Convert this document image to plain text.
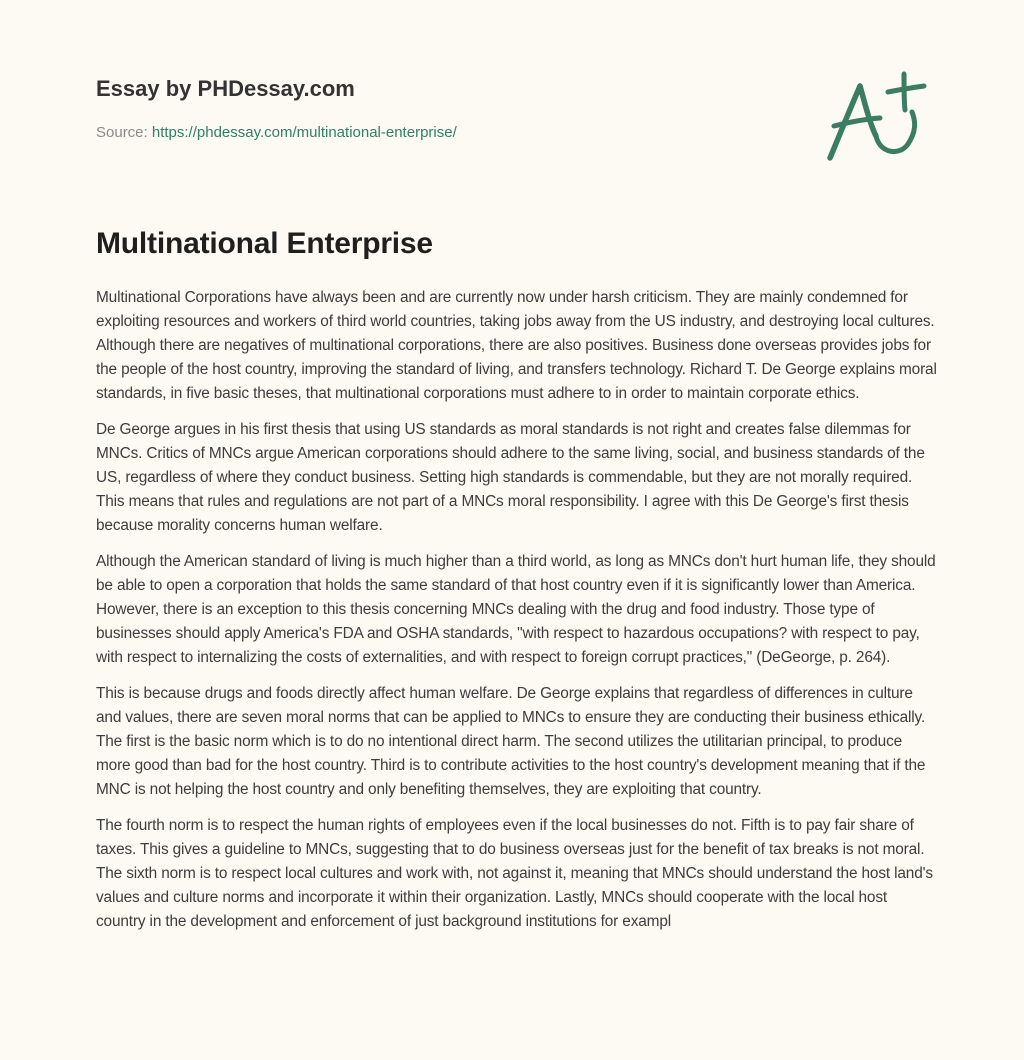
Essay by PHDessay.com
Source: https://phdessay.com/multinational-enterprise/
Multinational Enterprise

Multinational Corporations have always been and are currently now under harsh criticism. They are mainly condemned for exploiting resources and workers of third world countries, taking jobs away from the US industry, and destroying local cultures. Although there are negatives of multinational corporations, there are also positives. Business done overseas provides jobs for the people of the host country, improving the standard of living, and transfers technology. Richard T. De George explains moral standards, in five basic theses, that multinational corporations must adhere to in order to maintain corporate ethics.

De George argues in his first thesis that using US standards as moral standards is not right and creates false dilemmas for MNCs. Critics of MNCs argue American corporations should adhere to the same living, social, and business standards of the US, regardless of where they conduct business. Setting high standards is commendable, but they are not morally required. This means that rules and regulations are not part of a MNCs moral responsibility. I agree with this De George's first thesis because morality concerns human welfare.

Although the American standard of living is much higher than a third world, as long as MNCs don't hurt human life, they should be able to open a corporation that holds the same standard of that host country even if it is significantly lower than America. However, there is an exception to this thesis concerning MNCs dealing with the drug and food industry. Those type of businesses should apply America's FDA and OSHA standards, "with respect to hazardous occupations? with respect to pay, with respect to internalizing the costs of externalities, and with respect to foreign corrupt practices," (DeGeorge, p. 264).

This is because drugs and foods directly affect human welfare. De George explains that regardless of differences in culture and values, there are seven moral norms that can be applied to MNCs to ensure they are conducting their business ethically. The first is the basic norm which is to do no intentional direct harm. The second utilizes the utilitarian principal, to produce more good than bad for the host country. Third is to contribute activities to the host country's development meaning that if the MNC is not helping the host country and only benefiting themselves, they are exploiting that country.

The fourth norm is to respect the human rights of employees even if the local businesses do not. Fifth is to pay fair share of taxes. This gives a guideline to MNCs, suggesting that to do business overseas just for the benefit of tax breaks is not moral. The sixth norm is to respect local cultures and work with, not against it, meaning that MNCs should understand the host land's values and culture norms and incorporate it within their organization. Lastly, MNCs should cooperate with the local host country in the development and enforcement of just background institutions for exampl
